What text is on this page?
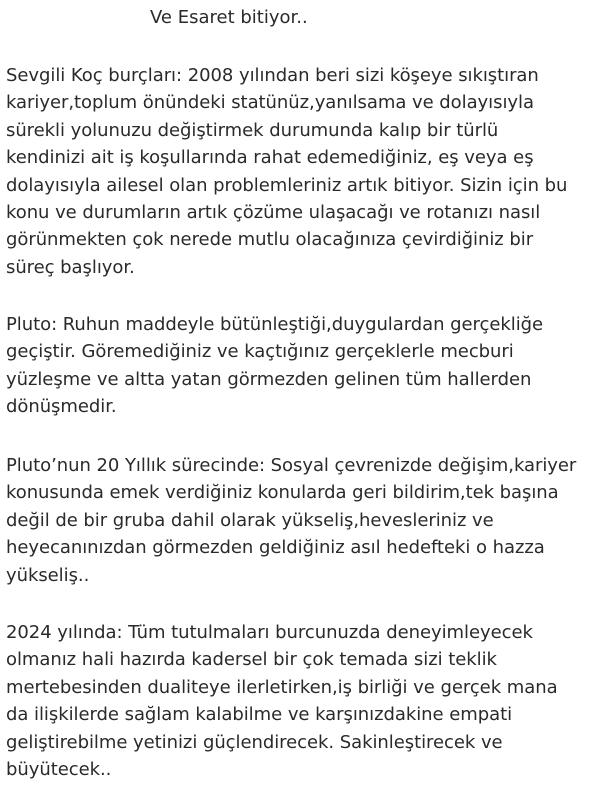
Ve Esaret bitiyor..

Sevgili Koç burçları: 2008 yılından beri sizi köşeye sıkıştıran
kariyer,toplum önündeki statünüz,yanılsama ve dolayısıyla
sürekli yolunuzu değiştirmek durumunda kalıp bir türlü
kendinizi ait iş koşullarında rahat edemediğiniz, eş veya eş
dolayısıyla ailesel olan problemleriniz artık bitiyor. Sizin için bu
konu ve durumların artık çözüme ulaşacağı ve rotanızı nasıl
görünmekten çok nerede mutlu olacağınıza çevirdiğiniz bir
süreç başlıyor.

Pluto: Ruhun maddeyle bütünleştiği,duygulardan gerçekliğe
geçiştir. Göremediğiniz ve kaçtığınız gerçeklerle mecburi
yüzleşme ve altta yatan görmezden gelinen tüm hallerden
dönüşmedir.

Pluto’nun 20 Yıllık sürecinde: Sosyal çevrenizde değişim,kariyer
konusunda emek verdiğiniz konularda geri bildirim,tek başına
değil de bir gruba dahil olarak yükseliş,hevesleriniz ve
heyecanınızdan görmezden geldiğiniz asıl hedefteki o hazza
yükseliş..

2024 yılında: Tüm tutulmaları burcunuzda deneyimleyecek
olmanız hali hazırda kadersel bir çok temada sizi teklik
mertebesinden dualiteye ilerletirken,iş birliği ve gerçek mana
da ilişkilerde sağlam kalabilme ve karşınızdakine empati
geliştirebilme yetinizi güçlendirecek. Sakinleştirecek ve
büyütecek..
